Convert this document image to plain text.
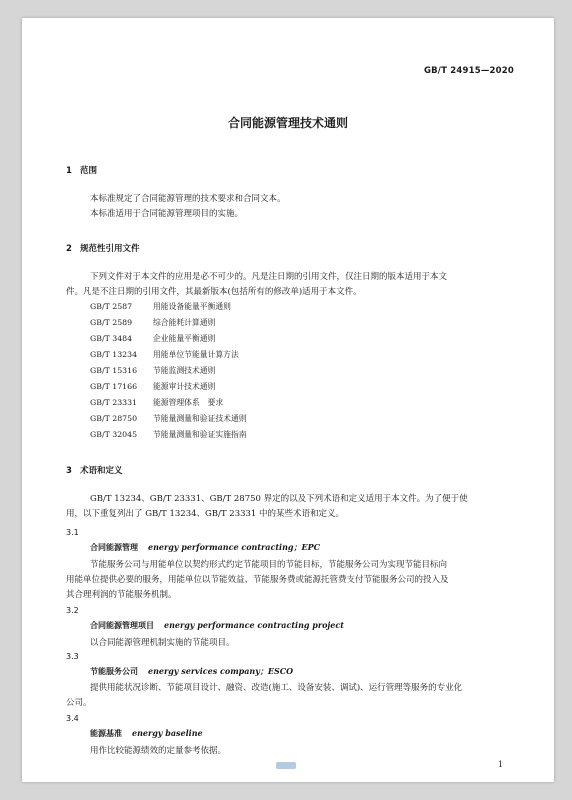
GB/T 24915—2020
合同能源管理技术通则
1 范围
本标准规定了合同能源管理的技术要求和合同文本。
本标准适用于合同能源管理项目的实施。
2 规范性引用文件
下列文件对于本文件的应用是必不可少的。凡是注日期的引用文件，仅注日期的版本适用于本文
件。凡是不注日期的引用文件，其最新版本(包括所有的修改单)适用于本文件。
GB/T 2587	用能设备能量平衡通则
GB/T 2589	综合能耗计算通则
GB/T 3484	企业能量平衡通则
GB/T 13234 用能单位节能量计算方法
GB/T 15316 节能监测技术通则
GB/T 17166 能源审计技术通则
GB/T 23331 能源管理体系　要求
GB/T 28750 节能量测量和验证技术通则
GB/T 32045 节能量测量和验证实施指南
3 术语和定义
GB/T 13234、GB/T 23331、GB/T 28750 界定的以及下列术语和定义适用于本文件。为了便于使
用，以下重复列出了 GB/T 13234、GB/T 23331 中的某些术语和定义。
3.1
合同能源管理 energy performance contracting；EPC
节能服务公司与用能单位以契约形式约定节能项目的节能目标，节能服务公司为实现节能目标向
用能单位提供必要的服务，用能单位以节能效益、节能服务费或能源托管费支付节能服务公司的投入及
其合理利润的节能服务机制。
3.2
合同能源管理项目 energy performance contracting project
以合同能源管理机制实施的节能项目。
3.3
节能服务公司 energy services company；ESCO
提供用能状况诊断、节能项目设计、融资、改造(施工、设备安装、调试)、运行管理等服务的专业化
公司。
3.4
能源基准 energy baseline
用作比较能源绩效的定量参考依据。
1
